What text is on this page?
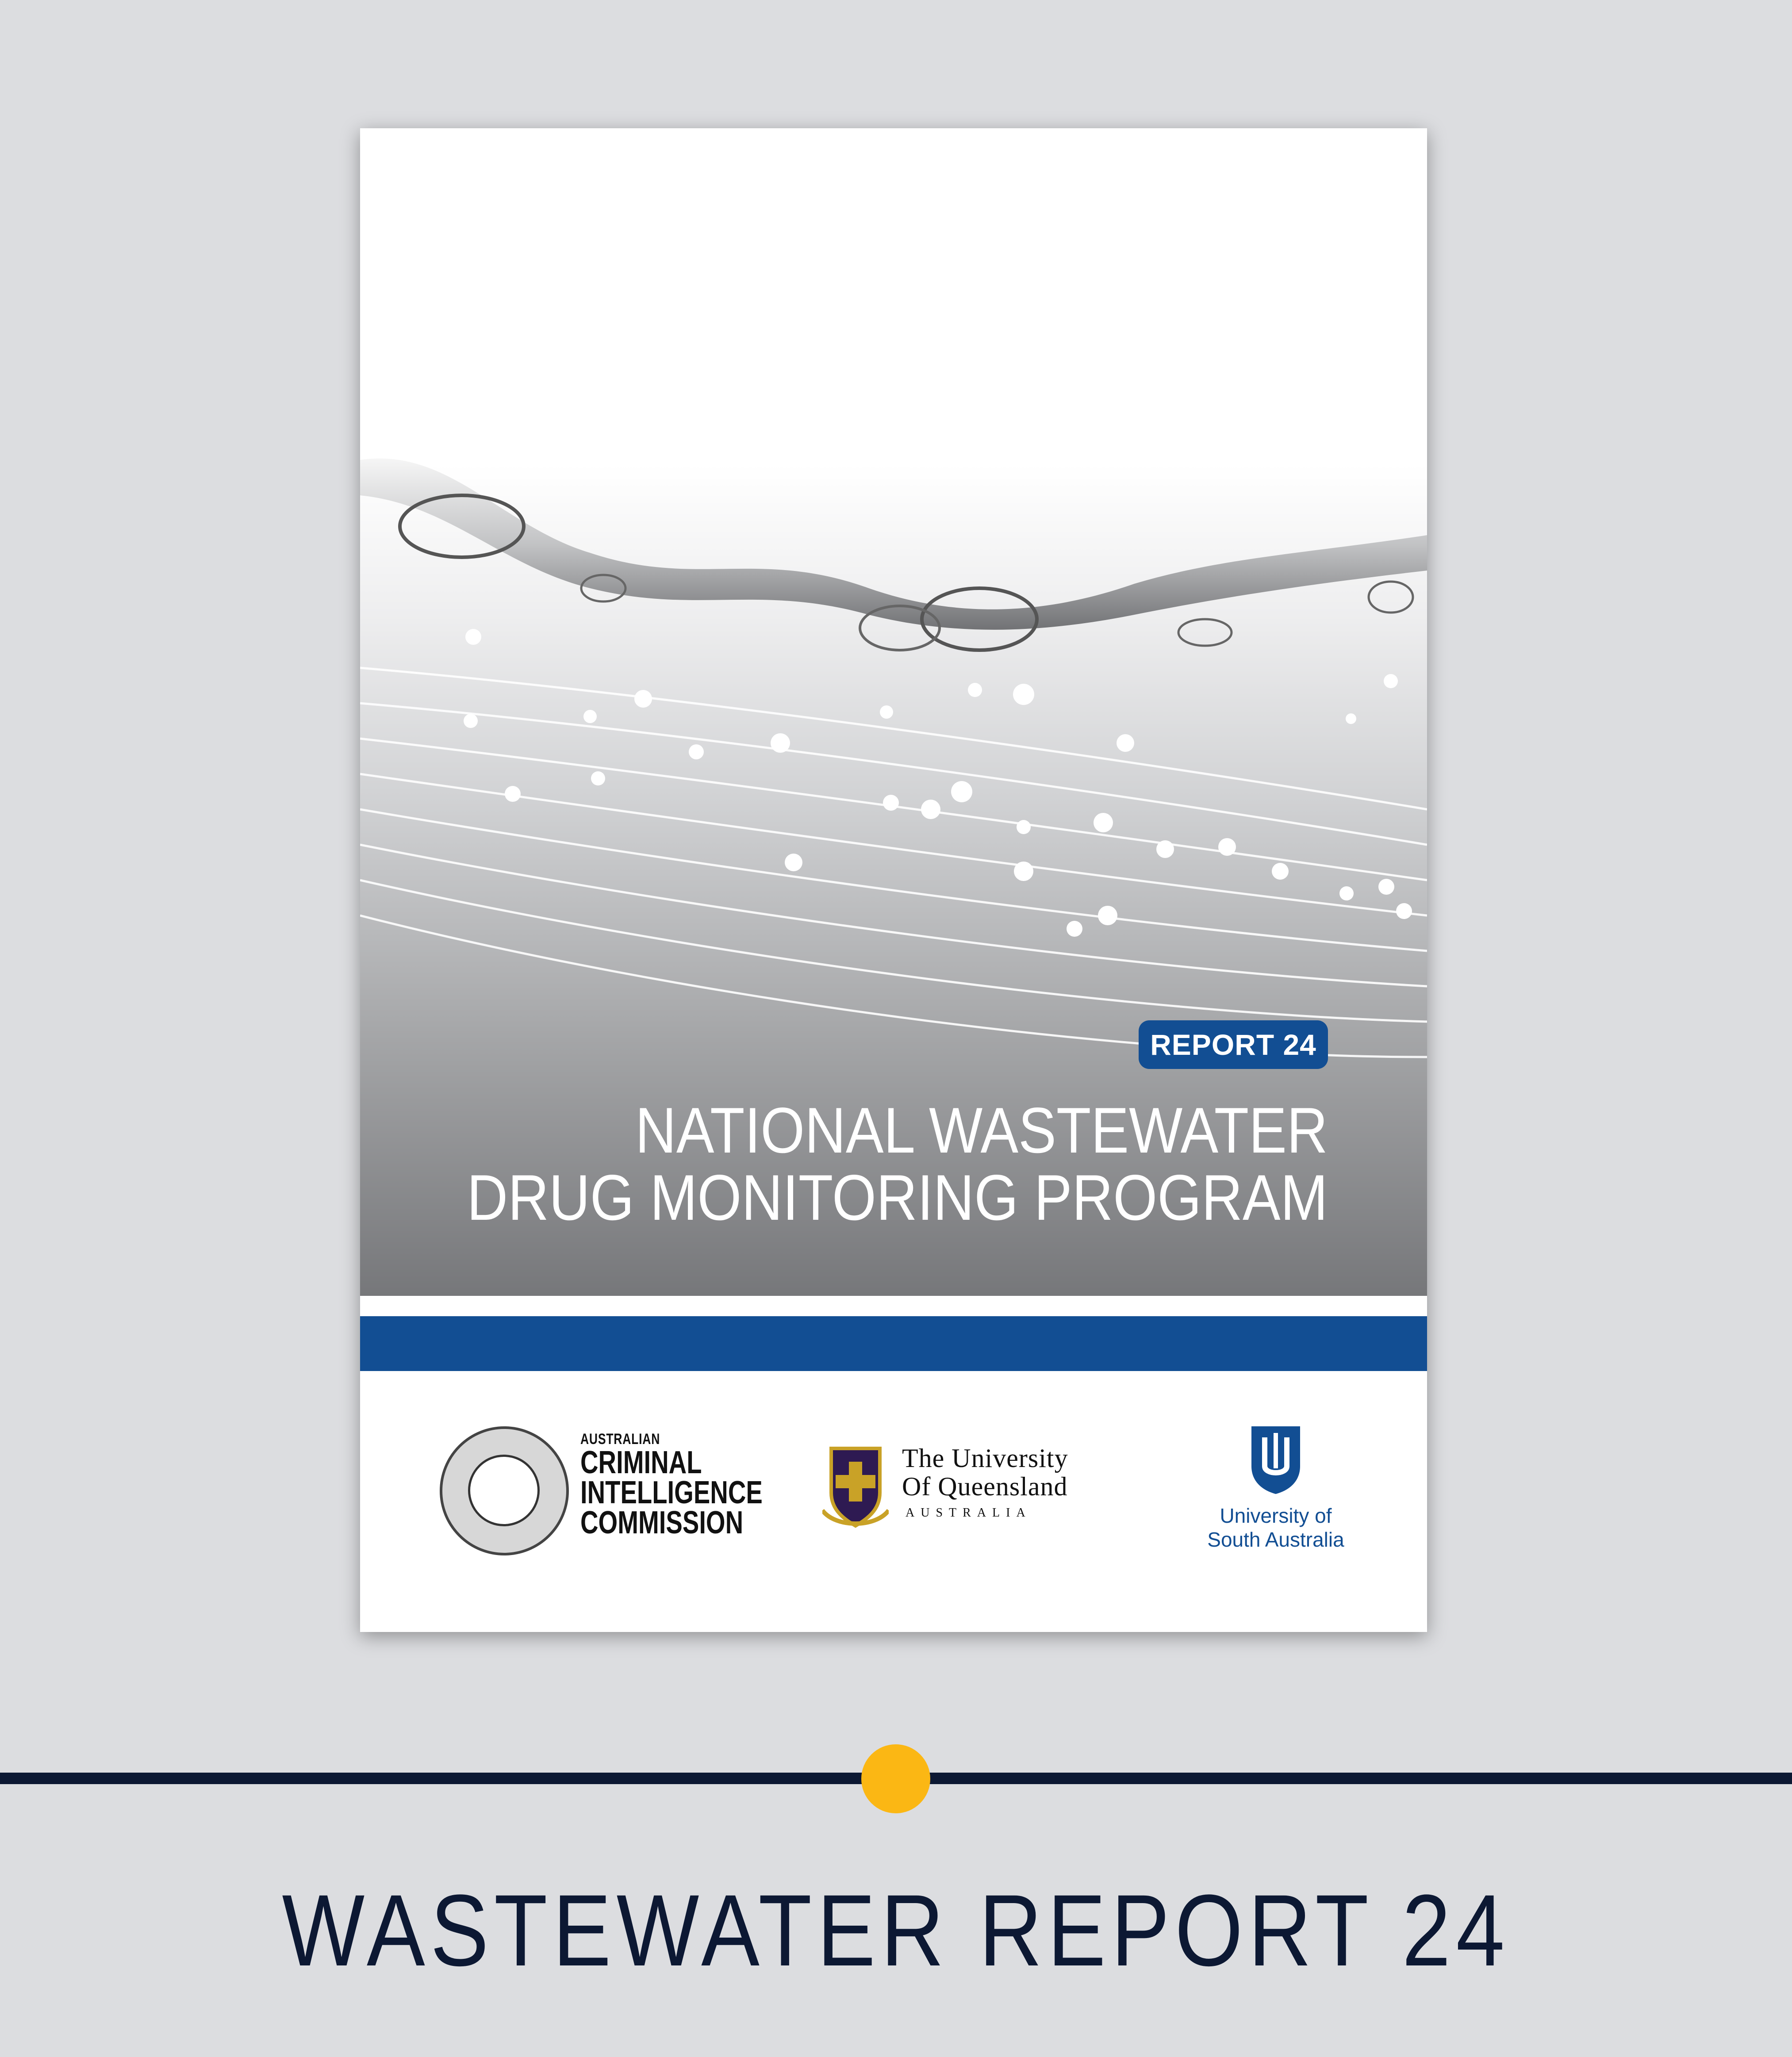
REPORT 24
NATIONAL WASTEWATER
DRUG MONITORING PROGRAM
AUSTRALIAN
CRIMINAL
INTELLIGENCE
COMMISSION
The University
Of Queensland
AUSTRALIA	University of
South Australia
WASTEWATER REPORT 24
